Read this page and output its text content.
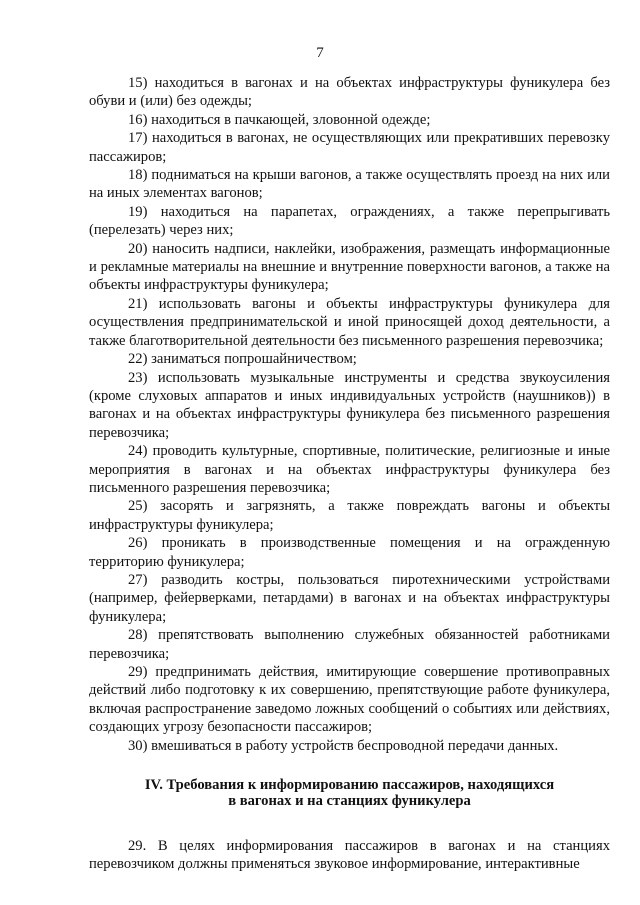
7

15) находиться в вагонах и на объектах инфраструктуры фуникулера без обуви и (или) без одежды;

16) находиться в пачкающей, зловонной одежде;

17) находиться в вагонах, не осуществляющих или прекративших перевозку пассажиров;

18) подниматься на крыши вагонов, а также осуществлять проезд на них или на иных элементах вагонов;

19) находиться на парапетах, ограждениях, а также перепрыгивать (перелезать) через них;

20) наносить надписи, наклейки, изображения, размещать информационные и рекламные материалы на внешние и внутренние поверхности вагонов, а также на объекты инфраструктуры фуникулера;

21) использовать вагоны и объекты инфраструктуры фуникулера для осуществления предпринимательской и иной приносящей доход деятельности, а также благотворительной деятельности без письменного разрешения перевозчика;

22) заниматься попрошайничеством;

23) использовать музыкальные инструменты и средства звукоусиления (кроме слуховых аппаратов и иных индивидуальных устройств (наушников)) в вагонах и на объектах инфраструктуры фуникулера без письменного разрешения перевозчика;

24) проводить культурные, спортивные, политические, религиозные и иные мероприятия в вагонах и на объектах инфраструктуры фуникулера без письменного разрешения перевозчика;

25) засорять и загрязнять, а также повреждать вагоны и объекты инфраструктуры фуникулера;

26) проникать в производственные помещения и на огражденную территорию фуникулера;

27) разводить костры, пользоваться пиротехническими устройствами (например, фейерверками, петардами) в вагонах и на объектах инфраструктуры фуникулера;

28) препятствовать выполнению служебных обязанностей работниками перевозчика;

29) предпринимать действия, имитирующие совершение противоправных действий либо подготовку к их совершению, препятствующие работе фуникулера, включая распространение заведомо ложных сообщений о событиях или действиях, создающих угрозу безопасности пассажиров;

30) вмешиваться в работу устройств беспроводной передачи данных.

IV. Требования к информированию пассажиров, находящихся
в вагонах и на станциях фуникулера

29. В целях информирования пассажиров в вагонах и на станциях перевозчиком должны применяться звуковое информирование, интерактивные
